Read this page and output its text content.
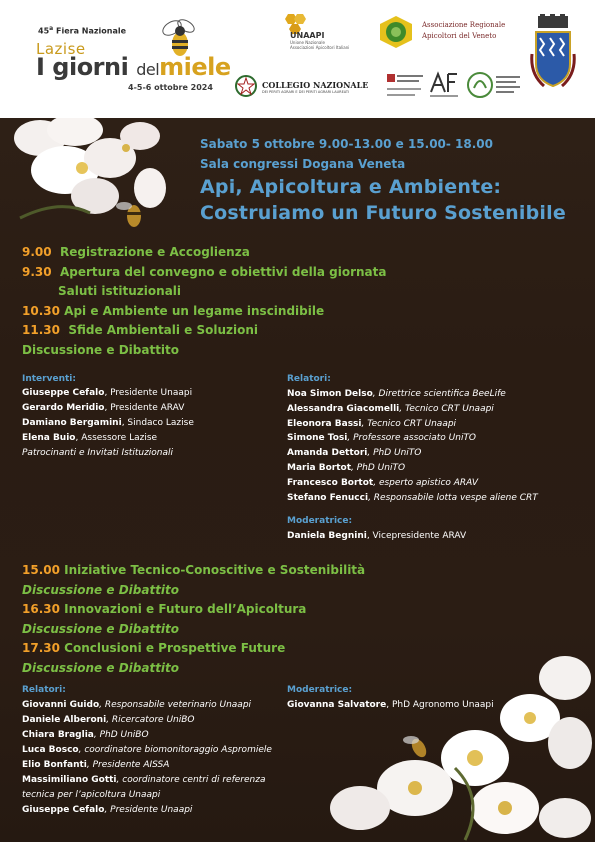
45$^a$ Fiera Nazionale
Lazise
I giorni delmiele
4-5-6 ottobre 2024
UNAAPI
Unione Nazionale
Associazioni Apicoltori Italiani
Associazione Regionale
Apicoltori del Veneto
COLLEGIO NAZIONALE
DEI PERITI AGRARI E DEI PERITI AGRARI LAUREATI
Sabato 5 ottobre 9.00-13.00 e 15.00- 18.00
Sala congressi Dogana Veneta
Api, Apicoltura e Ambiente:
Costruiamo un Futuro Sostenibile
9.00 Registrazione e Accoglienza
9.30 Apertura del convegno e obiettivi della giornata
Saluti istituzionali
10.30 Api e Ambiente un legame inscindibile
11.30 Sfide Ambientali e Soluzioni
Discussione e Dibattito
Interventi:
Giuseppe Cefalo, Presidente Unaapi
Gerardo Meridio, Presidente ARAV
Damiano Bergamini, Sindaco Lazise
Elena Buio, Assessore Lazise
Patrocinanti e Invitati Istituzionali
Relatori:
Noa Simon Delso, Direttrice scientifica BeeLife
Alessandra Giacomelli, Tecnico CRT Unaapi
Eleonora Bassi, Tecnico CRT Unaapi
Simone Tosi, Professore associato UniTO
Amanda Dettori, PhD UniTO
Maria Bortot, PhD UniTO
Francesco Bortot, esperto apistico ARAV
Stefano Fenucci, Responsabile lotta vespe aliene CRT
Moderatrice:
Daniela Begnini, Vicepresidente ARAV
15.00 Iniziative Tecnico-Conoscitive e Sostenibilità
Discussione e Dibattito
16.30 Innovazioni e Futuro dell’Apicoltura
Discussione e Dibattito
17.30 Conclusioni e Prospettive Future
Discussione e Dibattito
Relatori:
Giovanni Guido, Responsabile veterinario Unaapi
Daniele Alberoni, Ricercatore UniBO
Chiara Braglia, PhD UniBO
Luca Bosco, coordinatore biomonitoraggio Aspromiele
Elio Bonfanti, Presidente AISSA
Massimiliano Gotti, coordinatore centri di referenza
tecnica per l’apicoltura Unaapi
Giuseppe Cefalo, Presidente Unaapi
Moderatrice:
Giovanna Salvatore, PhD Agronomo Unaapi
